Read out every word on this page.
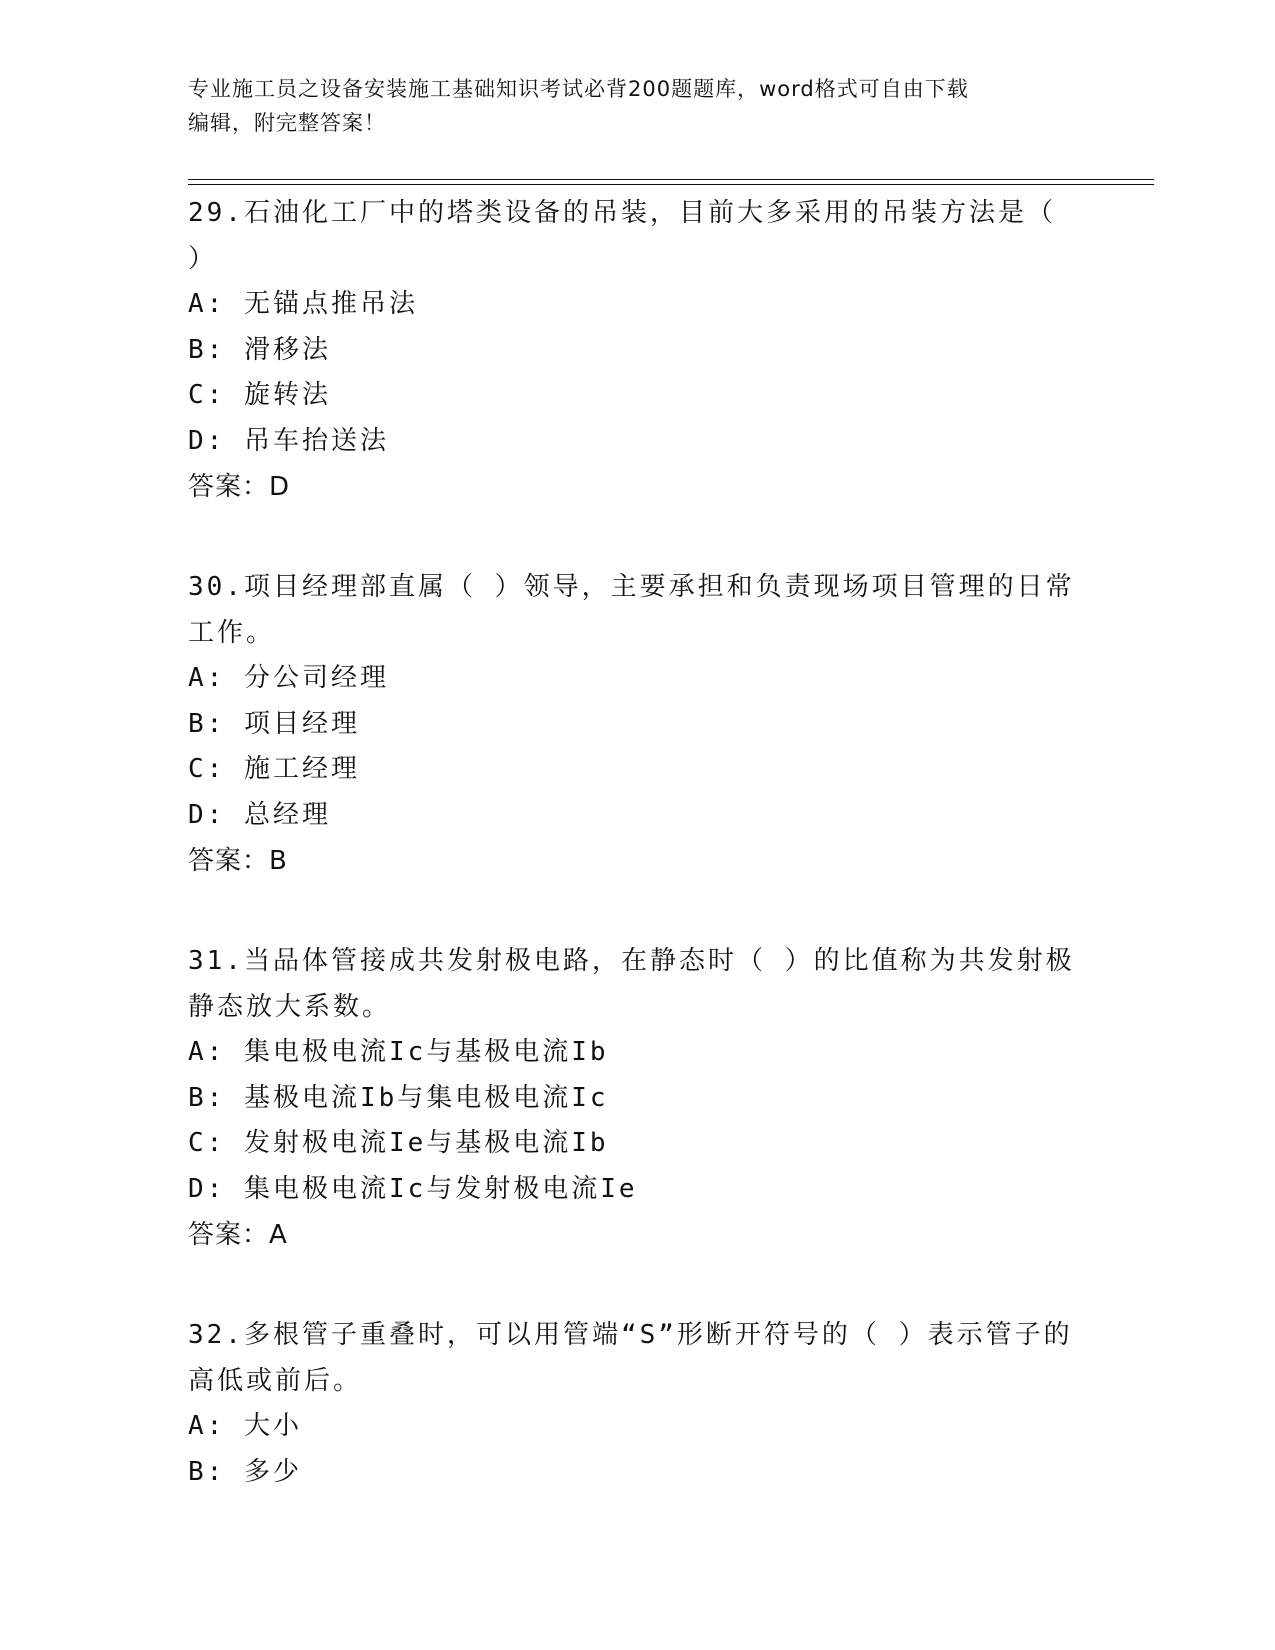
专业施工员之设备安装施工基础知识考试必背200题题库，word格式可自由下载
编辑，附完整答案！
29.石油化工厂中的塔类设备的吊装，目前大多采用的吊装方法是（
）
A: 无锚点推吊法
B: 滑移法
C: 旋转法
D: 吊车抬送法
答案：D
30.项目经理部直属（ ）领导，主要承担和负责现场项目管理的日常
工作。
A: 分公司经理
B: 项目经理
C: 施工经理
D: 总经理
答案：B
31.当品体管接成共发射极电路，在静态时（ ）的比值称为共发射极
静态放大系数。
A: 集电极电流Ic与基极电流Ib
B: 基极电流Ib与集电极电流Ic
C: 发射极电流Ie与基极电流Ib
D: 集电极电流Ic与发射极电流Ie
答案：A
32.多根管子重叠时，可以用管端“S”形断开符号的（ ）表示管子的
高低或前后。
A: 大小
B: 多少
